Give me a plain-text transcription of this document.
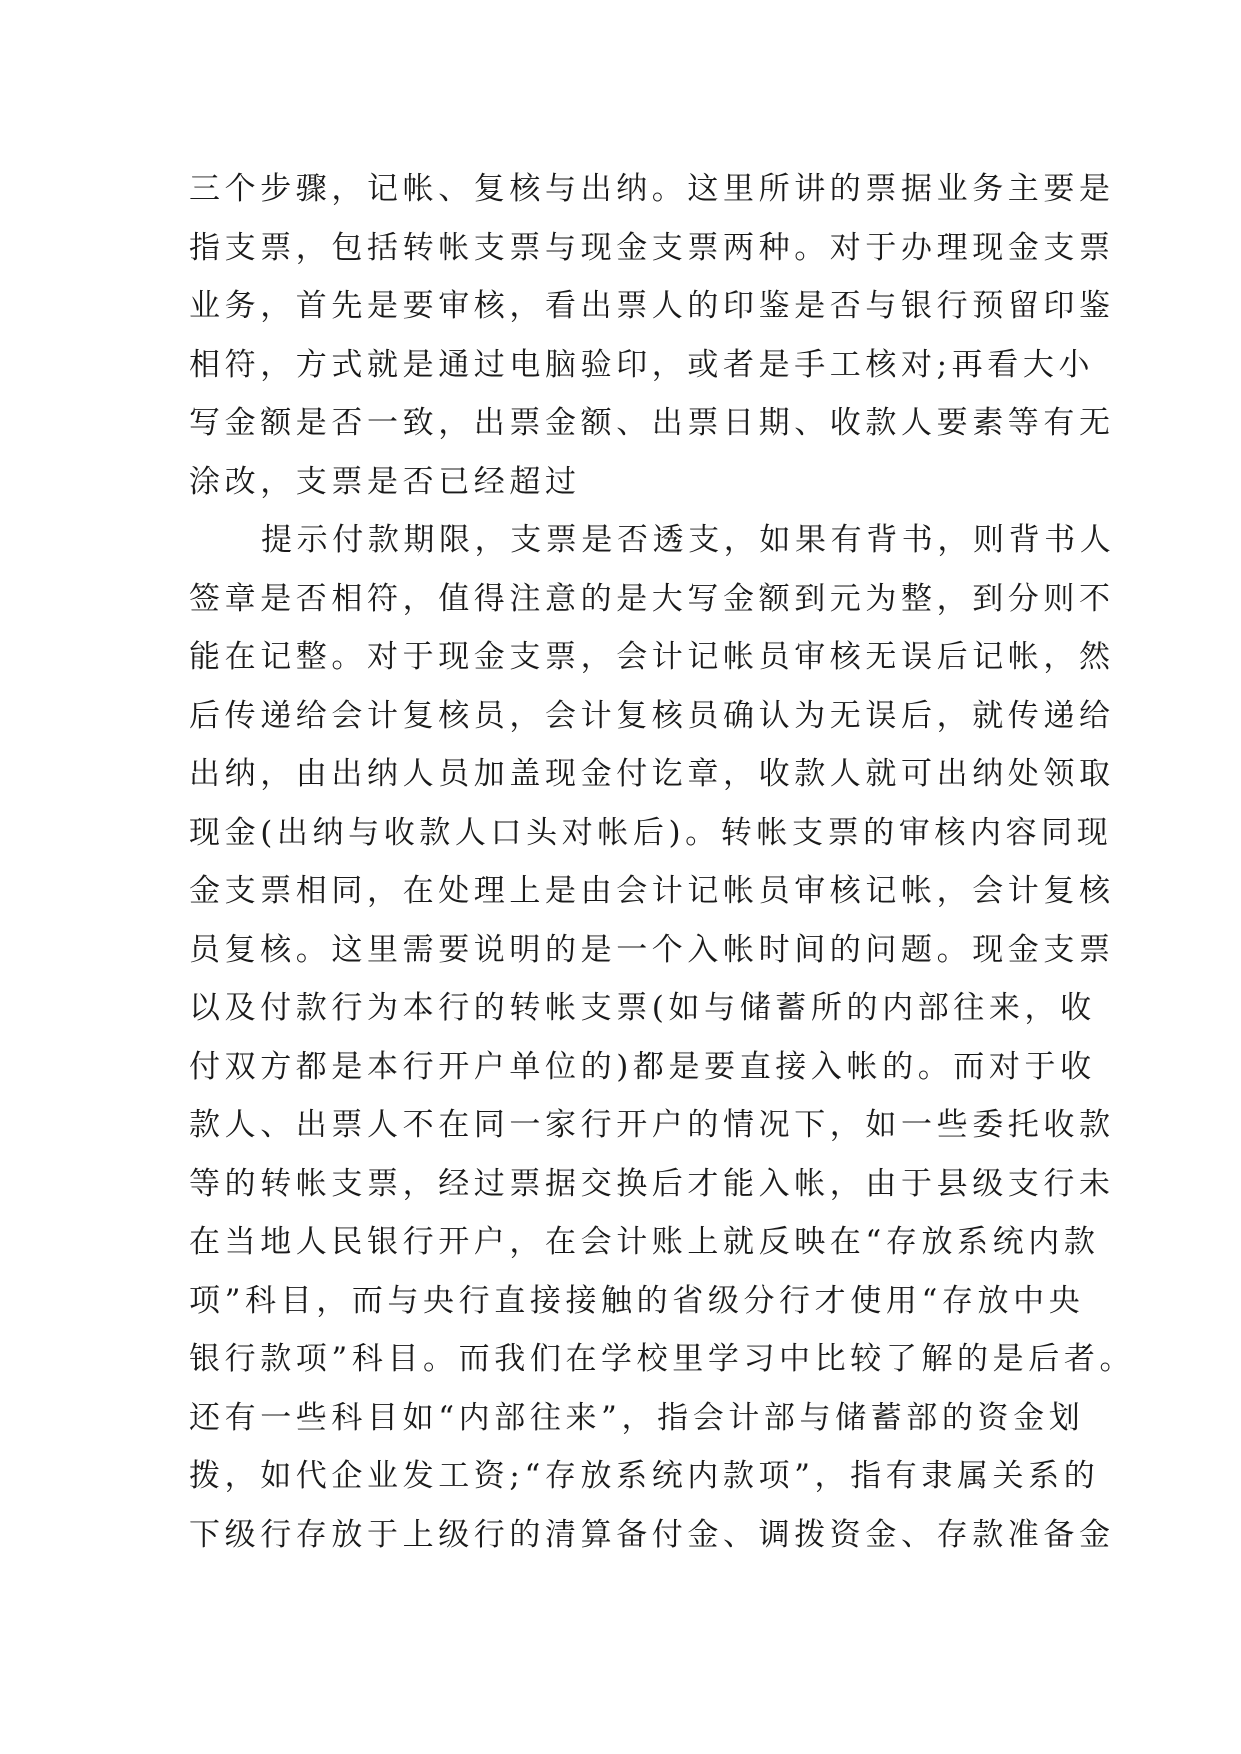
三个步骤，记帐、复核与出纳。这里所讲的票据业务主要是
指支票，包括转帐支票与现金支票两种。对于办理现金支票
业务，首先是要审核，看出票人的印鉴是否与银行预留印鉴
相符，方式就是通过电脑验印，或者是手工核对;再看大小
写金额是否一致，出票金额、出票日期、收款人要素等有无
涂改，支票是否已经超过
提示付款期限，支票是否透支，如果有背书，则背书人
签章是否相符，值得注意的是大写金额到元为整，到分则不
能在记整。对于现金支票，会计记帐员审核无误后记帐，然
后传递给会计复核员，会计复核员确认为无误后，就传递给
出纳，由出纳人员加盖现金付讫章，收款人就可出纳处领取
现金(出纳与收款人口头对帐后)。转帐支票的审核内容同现
金支票相同，在处理上是由会计记帐员审核记帐，会计复核
员复核。这里需要说明的是一个入帐时间的问题。现金支票
以及付款行为本行的转帐支票(如与储蓄所的内部往来，收
付双方都是本行开户单位的)都是要直接入帐的。而对于收
款人、出票人不在同一家行开户的情况下，如一些委托收款
等的转帐支票，经过票据交换后才能入帐，由于县级支行未
在当地人民银行开户，在会计账上就反映在“存放系统内款
项”科目，而与央行直接接触的省级分行才使用“存放中央
银行款项”科目。而我们在学校里学习中比较了解的是后者。
还有一些科目如“内部往来”，指会计部与储蓄部的资金划
拨，如代企业发工资;“存放系统内款项”，指有隶属关系的
下级行存放于上级行的清算备付金、调拨资金、存款准备金
